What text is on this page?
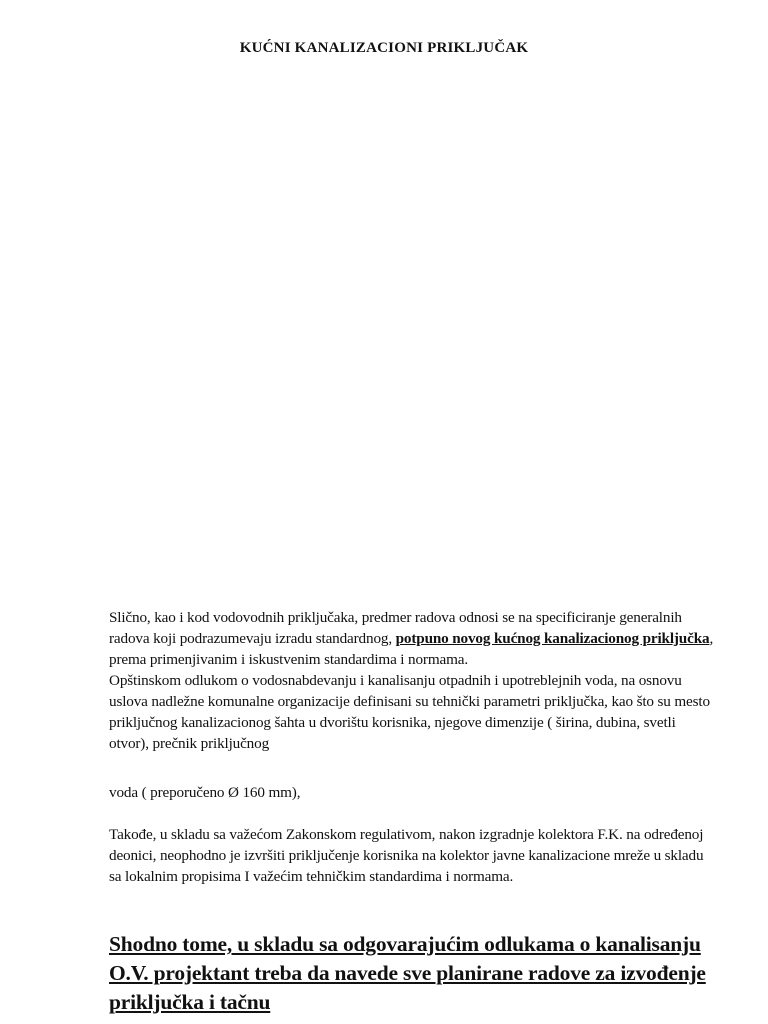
KUĆNI KANALIZACIONI PRIKLJUČAK

Slično, kao i kod vodovodnih priključaka, predmer radova odnosi se na specificiranje generalnih radova koji podrazumevaju izradu standardnog, potpuno novog kućnog kanalizacionog priključka, prema primenjivanim i iskustvenim standardima i normama.

Opštinskom odlukom o vodosnabdevanju i kanalisanju otpadnih i upotreblejnih voda, na osnovu uslova nadležne komunalne organizacije definisani su tehnički parametri priključka, kao što su mesto priključnog kanalizacionog šahta u dvorištu korisnika, njegove dimenzije ( širina, dubina, svetli otvor), prečnik priključnog

voda ( preporučeno Ø 160 mm),

Takođe, u skladu sa važećom Zakonskom regulativom, nakon izgradnje kolektora F.K. na određenoj deonici, neophodno je izvršiti priključenje korisnika na kolektor javne kanalizacione mreže u skladu sa lokalnim propisima I važećim tehničkim standardima i normama.

Shodno tome, u skladu sa odgovarajućim odlukama o kanalisanju O.V. projektant treba da navede sve planirane radove za izvođenje priključka i tačnu
